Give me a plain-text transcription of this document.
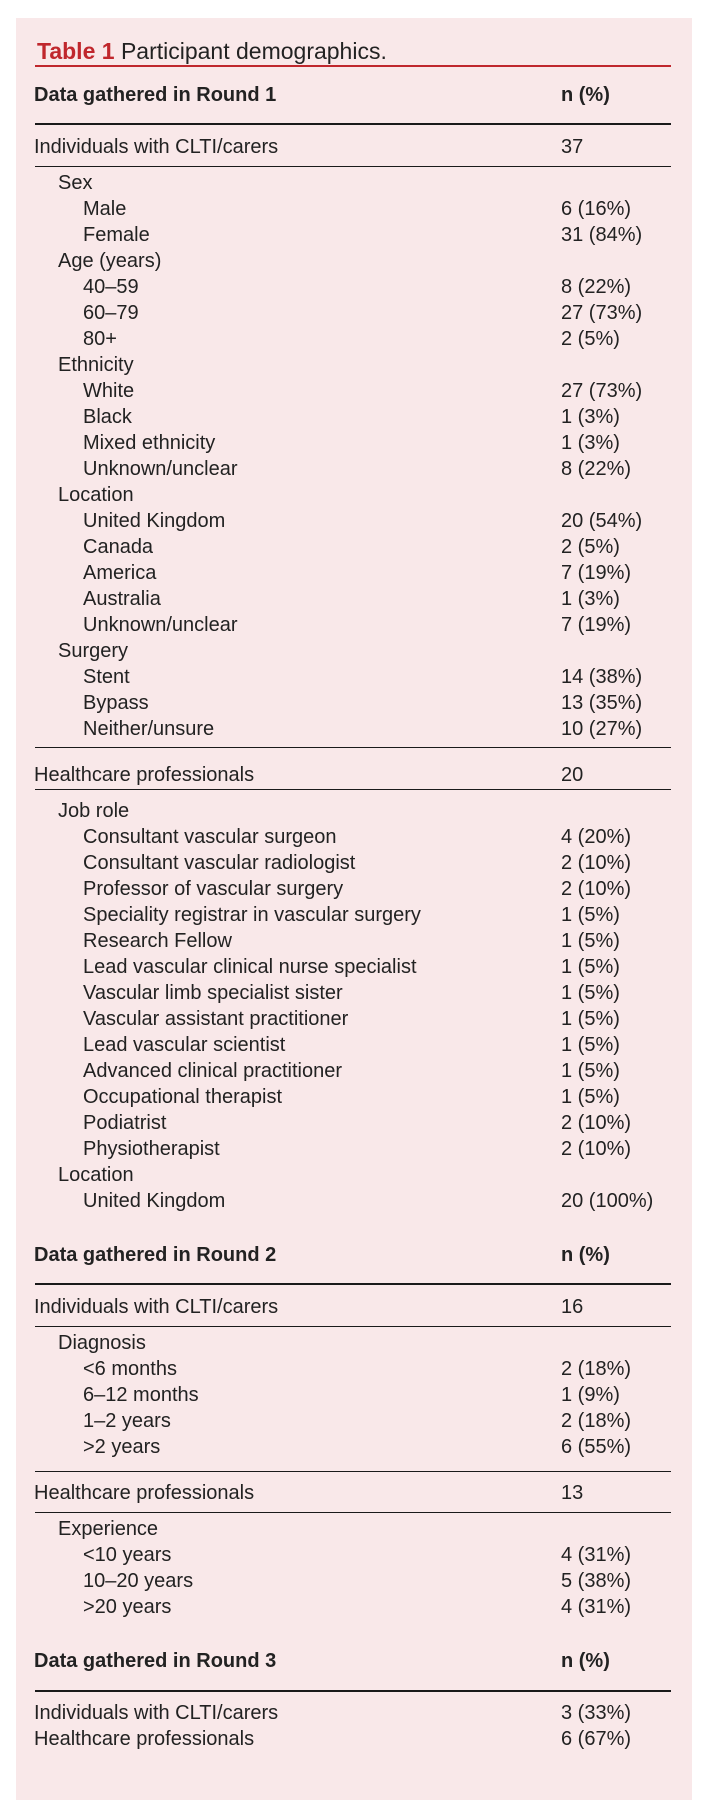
Table 1 Participant demographics.
Data gathered in Round 1	n (%)
Individuals with CLTI/carers	37
Sex
Male	6 (16%)
Female	31 (84%)
Age (years)
40–59	8 (22%)
60–79	27 (73%)
80+	2 (5%)
Ethnicity
White	27 (73%)
Black	1 (3%)
Mixed ethnicity	1 (3%)
Unknown/unclear	8 (22%)
Location
United Kingdom	20 (54%)
Canada	2 (5%)
America	7 (19%)
Australia	1 (3%)
Unknown/unclear	7 (19%)
Surgery
Stent	14 (38%)
Bypass	13 (35%)
Neither/unsure	10 (27%)
Healthcare professionals	20
Job role
Consultant vascular surgeon	4 (20%)
Consultant vascular radiologist	2 (10%)
Professor of vascular surgery	2 (10%)
Speciality registrar in vascular surgery	1 (5%)
Research Fellow	1 (5%)
Lead vascular clinical nurse specialist	1 (5%)
Vascular limb specialist sister	1 (5%)
Vascular assistant practitioner	1 (5%)
Lead vascular scientist	1 (5%)
Advanced clinical practitioner	1 (5%)
Occupational therapist	1 (5%)
Podiatrist	2 (10%)
Physiotherapist	2 (10%)
Location
United Kingdom	20 (100%)
Data gathered in Round 2	n (%)
Individuals with CLTI/carers	16
Diagnosis
<6 months	2 (18%)
6–12 months	1 (9%)
1–2 years	2 (18%)
>2 years	6 (55%)
Healthcare professionals	13
Experience
<10 years	4 (31%)
10–20 years	5 (38%)
>20 years	4 (31%)
Data gathered in Round 3	n (%)
Individuals with CLTI/carers	3 (33%)
Healthcare professionals	6 (67%)
